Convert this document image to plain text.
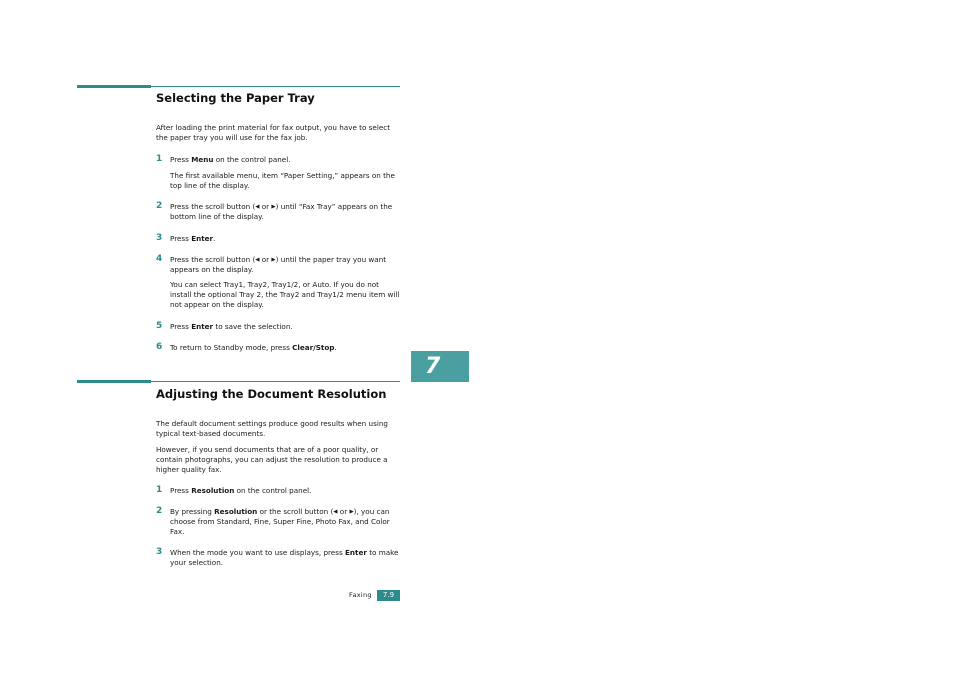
Selecting the Paper Tray

After loading the print material for fax output, you have to select the paper tray you will use for the fax job.

1 Press Menu on the control panel.
The first available menu, item “Paper Setting,” appears on the top line of the display.
2 Press the scroll button (◀ or ▶) until “Fax Tray” appears on the bottom line of the display.
3 Press Enter.
4 Press the scroll button (◀ or ▶) until the paper tray you want appears on the display.
You can select Tray1, Tray2, Tray1/2, or Auto. If you do not install the optional Tray 2, the Tray2 and Tray1/2 menu item will not appear on the display.
5 Press Enter to save the selection.
6 To return to Standby mode, press Clear/Stop.
7
Adjusting the Document Resolution

The default document settings produce good results when using typical text-based documents.

However, if you send documents that are of a poor quality, or contain photographs, you can adjust the resolution to produce a higher quality fax.

1 Press Resolution on the control panel.
2 By pressing Resolution or the scroll button (◀ or ▶), you can choose from Standard, Fine, Super Fine, Photo Fax, and Color Fax.
3 When the mode you want to use displays, press Enter to make your selection.
Faxing	7.9
